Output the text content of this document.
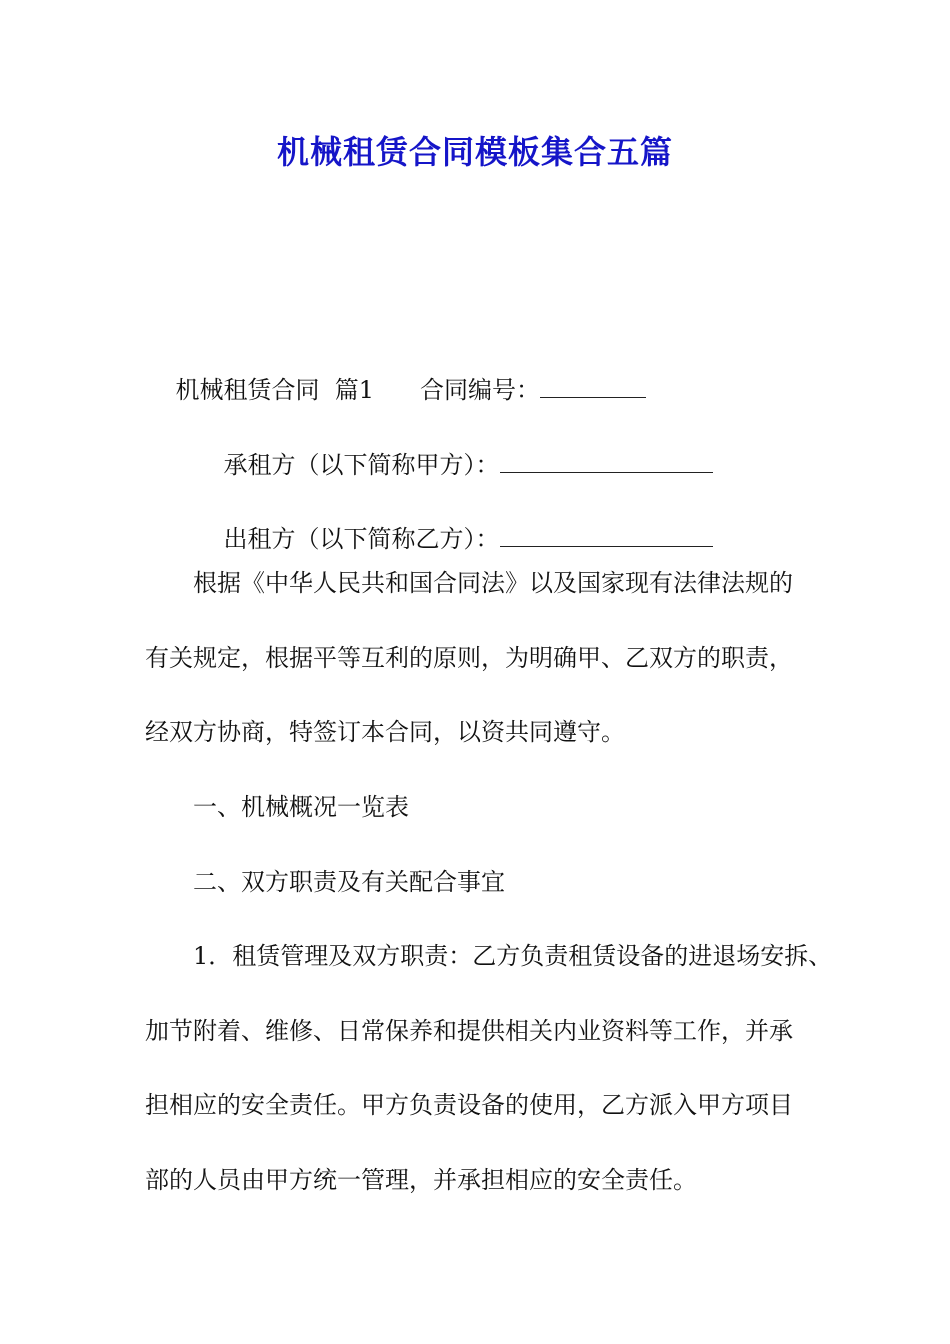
机械租赁合同模板集合五篇

机械租赁合同  篇1 合同编号：

承租方（以下简称甲方）：

出租方（以下简称乙方）：

根据《中华人民共和国合同法》以及国家现有法律法规的
有关规定，根据平等互利的原则，为明确甲、乙双方的职责，
经双方协商，特签订本合同，以资共同遵守。
一、机械概况一览表
二、双方职责及有关配合事宜
1．租赁管理及双方职责：乙方负责租赁设备的进退场安拆、
加节附着、维修、日常保养和提供相关内业资料等工作，并承
担相应的安全责任。甲方负责设备的使用，乙方派入甲方项目
部的人员由甲方统一管理，并承担相应的安全责任。
